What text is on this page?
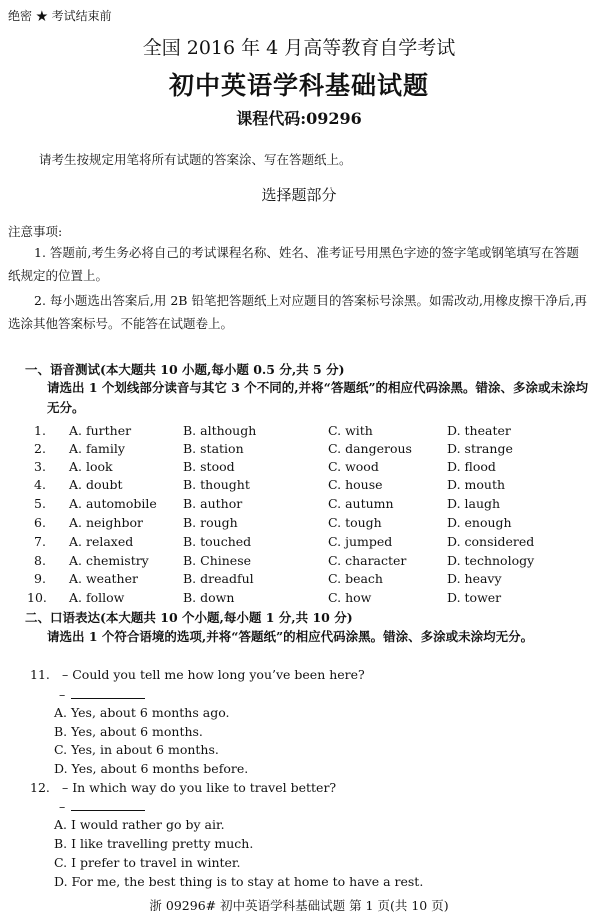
绝密 ★ 考试结束前
全国 2016 年 4 月高等教育自学考试
初中英语学科基础试题
课程代码:09296
请考生按规定用笔将所有试题的答案涂、写在答题纸上。
选择题部分
注意事项:
1. 答题前,考生务必将自己的考试课程名称、姓名、准考证号用黑色字迹的签字笔或钢笔填写在答题纸规定的位置上。
2. 每小题选出答案后,用 2B 铅笔把答题纸上对应题目的答案标号涂黑。如需改动,用橡皮擦干净后,再选涂其他答案标号。不能答在试题卷上。
一、语音测试(本大题共 10 小题,每小题 0.5 分,共 5 分)
请选出 1 个划线部分读音与其它 3 个不同的,并将“答题纸”的相应代码涂黑。错涂、多涂或未涂均无分。
1. A. further	B. although	C. with	D. theater
2. A. family	B. station	C. dangerous	D. strange
3. A. look	B. stood	C. wood	D. flood
4. A. doubt	B. thought	C. house	D. mouth
5. A. automobile B. author	C. autumn	D. laugh
6. A. neighbor	B. rough	C. tough	D. enough
7. A. relaxed	B. touched	C. jumped	D. considered
8. A. chemistry	B. Chinese	C. character	D. technology
9. A. weather	B. dreadful	C. beach	D. heavy
10. A. follow	B. down	C. how	D. tower
二、口语表达(本大题共 10 个小题,每小题 1 分,共 10 分)
请选出 1 个符合语境的选项,并将“答题纸”的相应代码涂黑。错涂、多涂或未涂均无分。
11. – Could you tell me how long you’ve been here?
–
A. Yes, about 6 months ago.
B. Yes, about 6 months.
C. Yes, in about 6 months.
D. Yes, about 6 months before.
12. – In which way do you like to travel better?
–
A. I would rather go by air.
B. I like travelling pretty much.
C. I prefer to travel in winter.
D. For me, the best thing is to stay at home to have a rest.
浙 09296# 初中英语学科基础试题 第 1 页(共 10 页)
